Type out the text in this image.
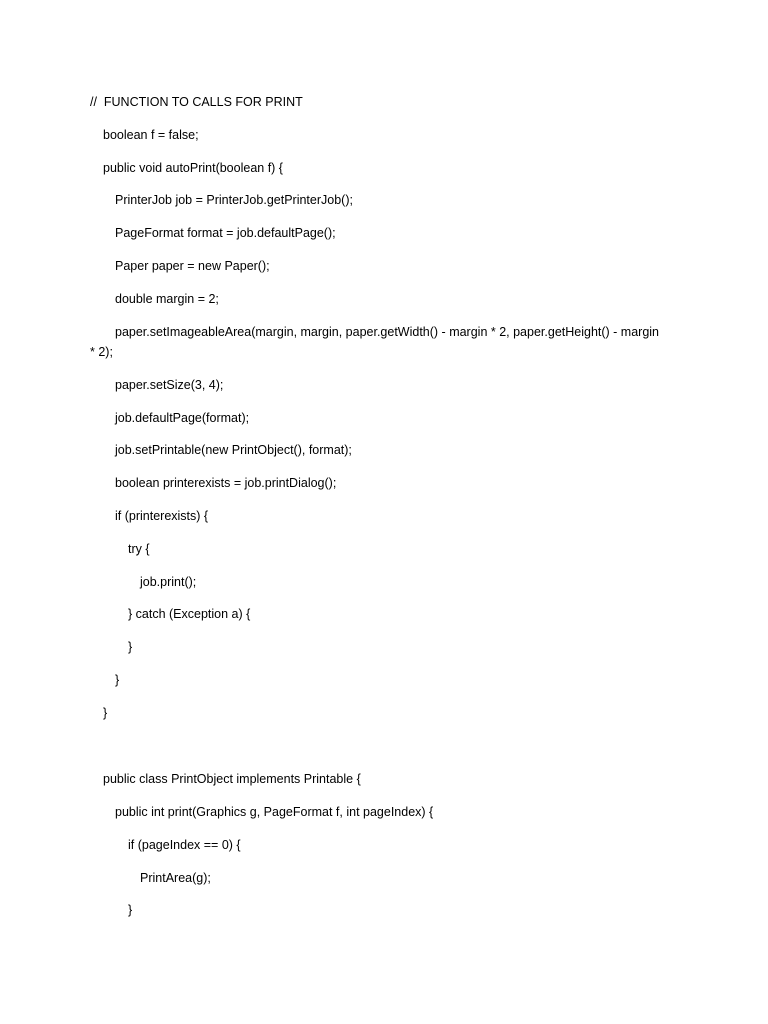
//  FUNCTION TO CALLS FOR PRINT
boolean f = false;
public void autoPrint(boolean f) {
PrinterJob job = PrinterJob.getPrinterJob();
PageFormat format = job.defaultPage();
Paper paper = new Paper();
double margin = 2;
paper.setImageableArea(margin, margin, paper.getWidth() - margin * 2, paper.getHeight() - margin
* 2);
paper.setSize(3, 4);
job.defaultPage(format);
job.setPrintable(new PrintObject(), format);
boolean printerexists = job.printDialog();
if (printerexists) {
try {
job.print();
} catch (Exception a) {
}
}
}
public class PrintObject implements Printable {
public int print(Graphics g, PageFormat f, int pageIndex) {
if (pageIndex == 0) {
PrintArea(g);
}
